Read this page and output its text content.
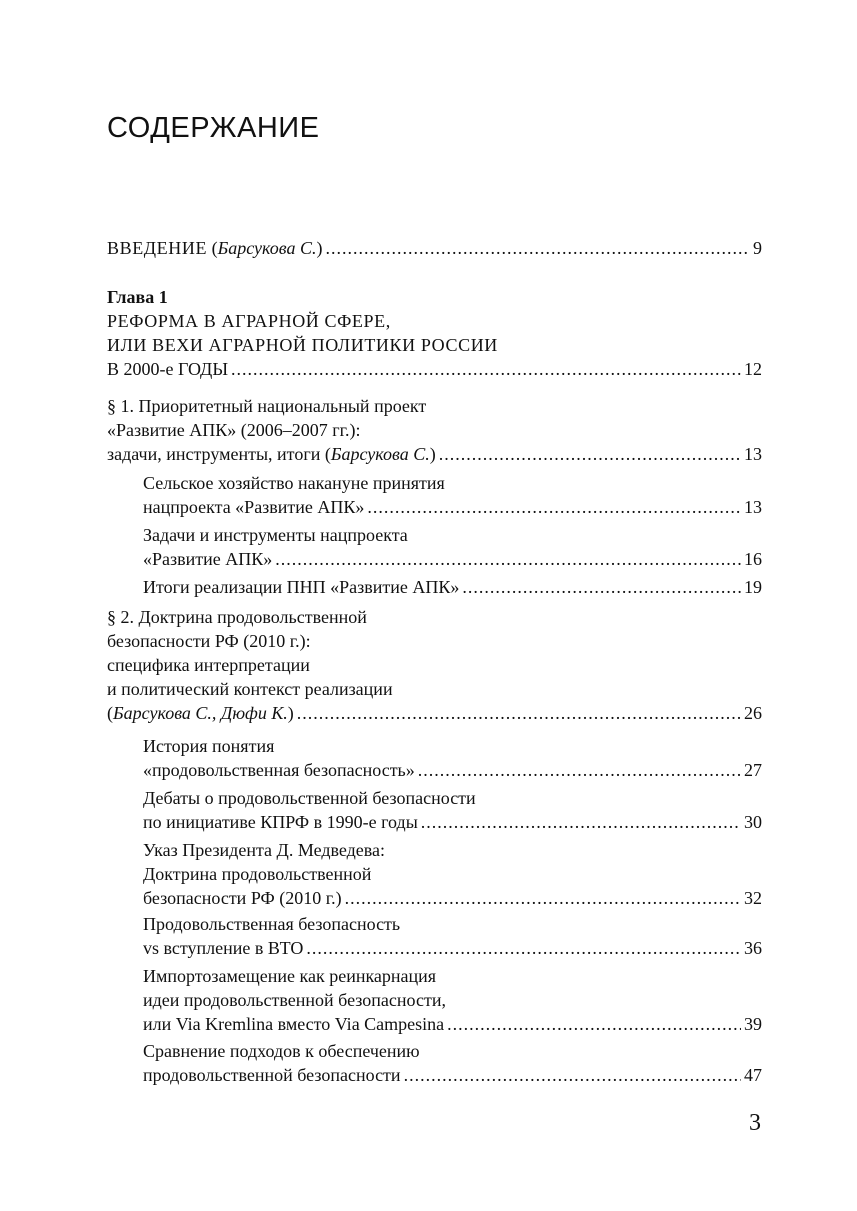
СОДЕРЖАНИЕ
ВВЕДЕНИЕ (Барсукова С.) .....	9
Глава 1
РЕФОРМА В АГРАРНОЙ СФЕРЕ,
ИЛИ ВЕХИ АГРАРНОЙ ПОЛИТИКИ РОССИИ
В 2000-е ГОДЫ .....	12
§ 1. Приоритетный национальный проект
«Развитие АПК» (2006–2007 гг.):
задачи, инструменты, итоги (Барсукова С.) .....	13
Сельское хозяйство накануне принятия
нацпроекта «Развитие АПК» .....	13
Задачи и инструменты нацпроекта
«Развитие АПК» .....	16
Итоги реализации ПНП «Развитие АПК» .....	19
§ 2. Доктрина продовольственной
безопасности РФ (2010 г.):
специфика интерпретации
и политический контекст реализации
(Барсукова С., Дюфи К.) .....	26
История понятия
«продовольственная безопасность» .....	27
Дебаты о продовольственной безопасности
по инициативе КПРФ в 1990-е годы .....	30
Указ Президента Д. Медведева:
Доктрина продовольственной
безопасности РФ (2010 г.) .....	32
Продовольственная безопасность
vs вступление в ВТО .....	36
Импортозамещение как реинкарнация
идеи продовольственной безопасности,
или Via Kremlina вместо Via Campesina .....	39
Сравнение подходов к обеспечению
продовольственной безопасности .....	47
3
